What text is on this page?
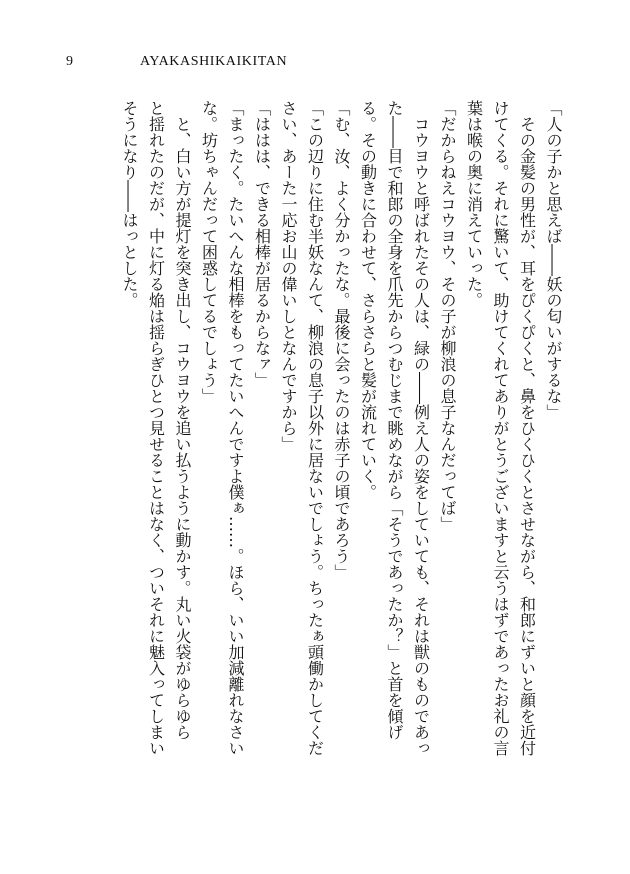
9	AYAKASHIKAIKITAN

「人の子かと思えば――妖の匂いがするな」

　その金髪の男性が、耳をぴくぴくと、鼻をひくひくとさせながら、和郎にずいと顔を近付

けてくる。それに驚いて、助けてくれてありがとうございますと云うはずであったお礼の言

葉は喉の奥に消えていった。

「だからねえコウヨウ、その子が柳浪の息子なんだってば」

　コウヨウと呼ばれたその人は、緑の――例え人の姿をしていても、それは獣のものであっ

た――目で和郎の全身を爪先からつむじまで眺めながら「そうであったか？」と首を傾げ

る。その動きに合わせて、さらさらと髪が流れていく。

「む、汝、よく分かったな。最後に会ったのは赤子の頃であろう」

「この辺りに住む半妖なんて、柳浪の息子以外に居ないでしょう。ちったぁ頭働かしてくだ

さい、あーた一応お山の偉いしとなんですから」

「ははは、できる相棒が居るからなァ」

「まったく。たいへんな相棒をもってたいへんですよ僕ぁ……。ほら、いい加減離れなさい

な。坊ちゃんだって困惑してるでしょう」

　と、白い方が提灯を突き出し、コウヨウを追い払うように動かす。丸い火袋がゆらゆら

と揺れたのだが、中に灯る焔は揺らぎひとつ見せることはなく、ついそれに魅入ってしまい

そうになり――はっとした。
